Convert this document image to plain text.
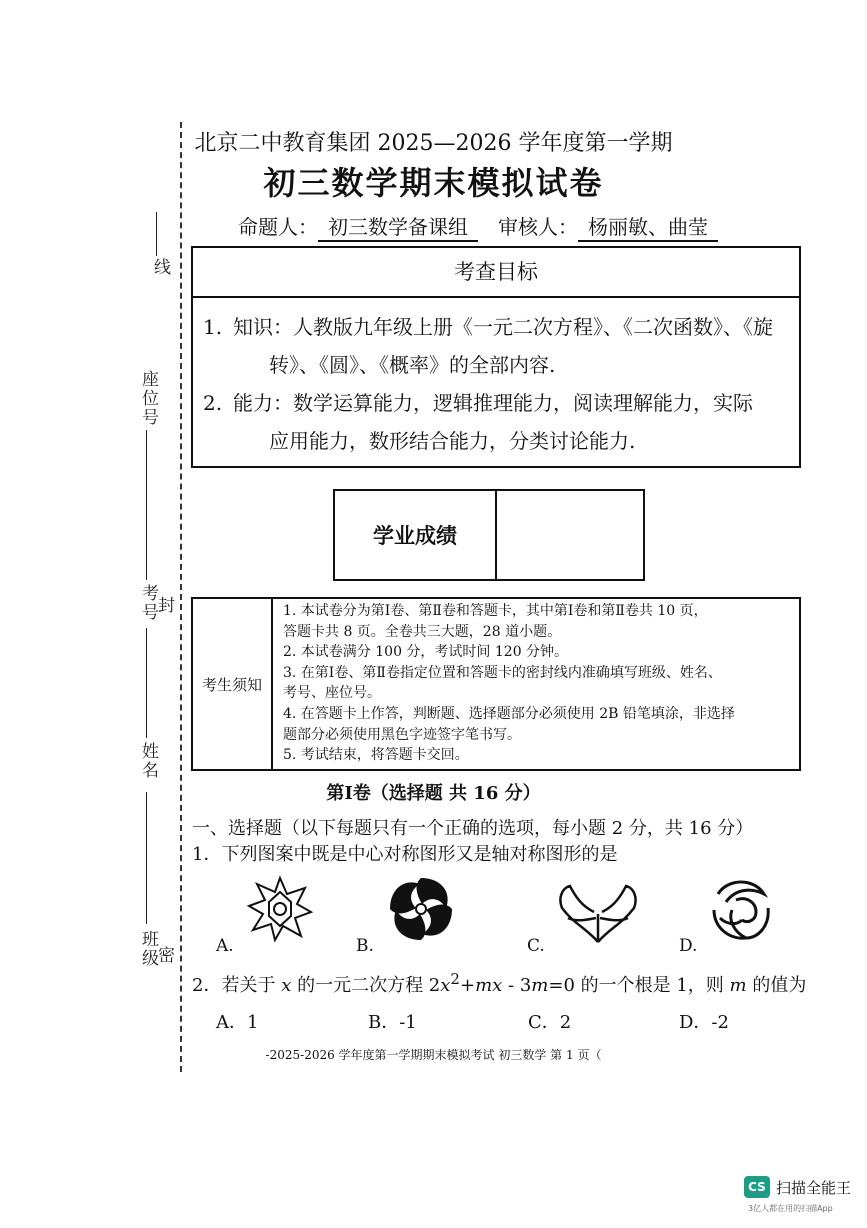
线
座位号
考号
封
姓名
班级
密
北京二中教育集团 2025—2026 学年度第一学期
初三数学期末模拟试卷
命题人： 初三数学备课组 审核人： 杨丽敏、曲莹
考查目标
1. 知识：人教版九年级上册《一元二次方程》、《二次函数》、《旋
转》、《圆》、《概率》的全部内容.
2. 能力：数学运算能力，逻辑推理能力，阅读理解能力，实际
应用能力，数形结合能力，分类讨论能力.
学业成绩
考生须知
1. 本试卷分为第Ⅰ卷、第Ⅱ卷和答题卡，其中第Ⅰ卷和第Ⅱ卷共 10 页，
答题卡共 8 页。全卷共三大题，28 道小题。
2. 本试卷满分 100 分，考试时间 120 分钟。
3. 在第Ⅰ卷、第Ⅱ卷指定位置和答题卡的密封线内准确填写班级、姓名、
考号、座位号。
4. 在答题卡上作答，判断题、选择题部分必须使用 2B 铅笔填涂，非选择
题部分必须使用黑色字迹签字笔书写。
5. 考试结束，将答题卡交回。
第Ⅰ卷（选择题 共 16 分）
一、选择题（以下每题只有一个正确的选项，每小题 2 分，共 16 分）
1．下列图案中既是中心对称图形又是轴对称图形的是
A.	B.	C.	D.
2．若关于 x 的一元二次方程 $2x^2+mx - 3m=0$ 的一个根是 1，则 m 的值为
A．1	B．-1	C．2	D．-2
-2025-2026 学年度第一学期期末模拟考试 初三数学 第 1 页（
CS 扫描全能王
3亿人都在用的扫描App
